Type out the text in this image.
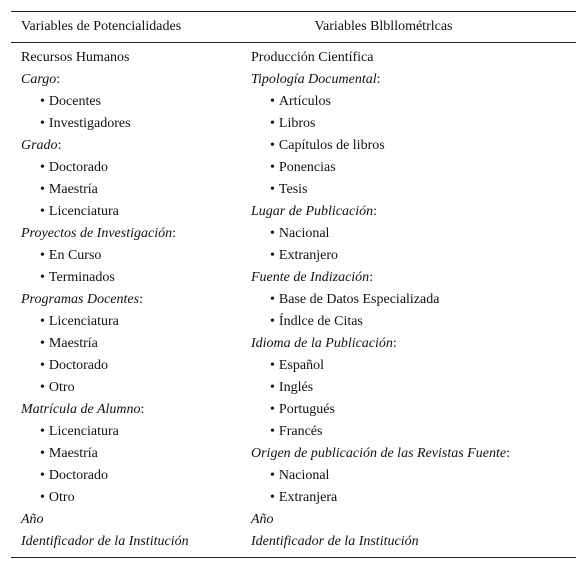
Variables de Potencialidades	Variables Blbllométrlcas
Recursos Humanos
Cargo:
• Docentes
• Investigadores
Grado:
• Doctorado
• Maestría
• Licenciatura
Proyectos de Investigación:
• En Curso
• Terminados
Programas Docentes:
• Licenciatura
• Maestría
• Doctorado
• Otro
Matrícula de Alumno:
• Licenciatura
• Maestría
• Doctorado
• Otro
Año
Identificador de la Institución
Producción Científica
Tipología Documental:
• Artículos
• Libros
• Capítulos de libros
• Ponencias
• Tesis
Lugar de Publicación:
• Nacional
• Extranjero
Fuente de Indización:
• Base de Datos Especializada
• Índlce de Citas
Idioma de la Publicación:
• Español
• Inglés
• Portugués
• Francés
Origen de publicación de las Revistas Fuente:
• Nacional
• Extranjera
Año
Identificador de la Institución
